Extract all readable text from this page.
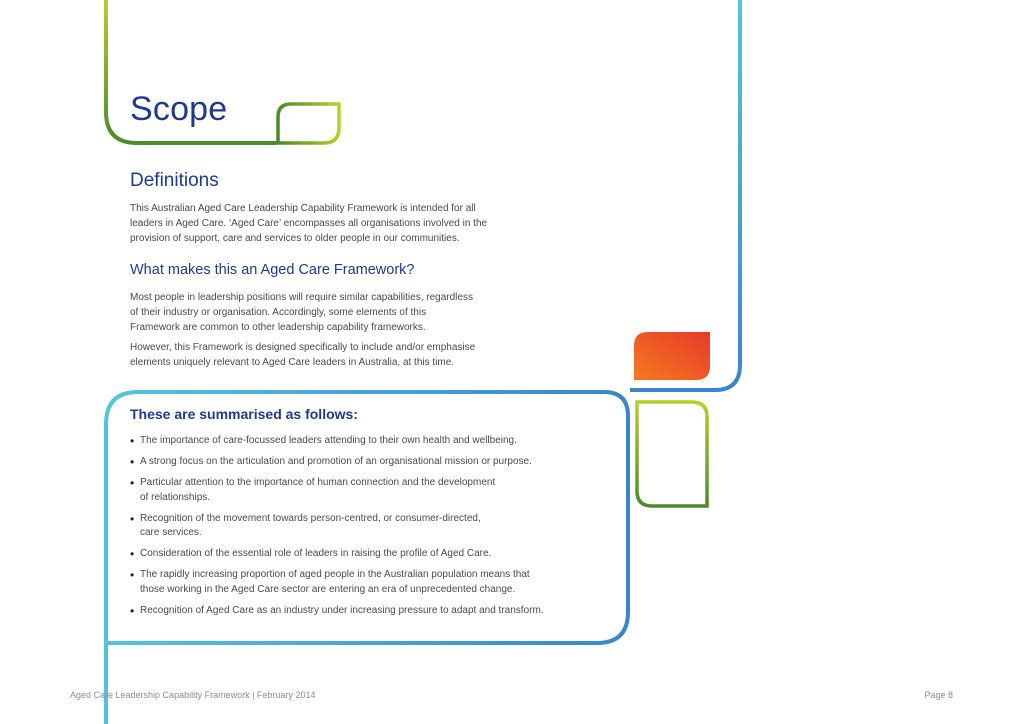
Scope
Definitions

This Australian Aged Care Leadership Capability Framework is intended for all

leaders in Aged Care. ‘Aged Care’ encompasses all organisations involved in the

provision of support, care and services to older people in our communities.

What makes this an Aged Care Framework?

Most people in leadership positions will require similar capabilities, regardless

of their industry or organisation. Accordingly, some elements of this

Framework are common to other leadership capability frameworks.

However, this Framework is designed specifically to include and/or emphasise

elements uniquely relevant to Aged Care leaders in Australia, at this time.

These are summarised as follows:
• The importance of care-focussed leaders attending to their own health and wellbeing.
• A strong focus on the articulation and promotion of an organisational mission or purpose.
• Particular attention to the importance of human connection and the development
of relationships.
• Recognition of the movement towards person-centred, or consumer-directed,
care services.
• Consideration of the essential role of leaders in raising the profile of Aged Care.
• The rapidly increasing proportion of aged people in the Australian population means that
those working in the Aged Care sector are entering an era of unprecedented change.
• Recognition of Aged Care as an industry under increasing pressure to adapt and transform.
Aged Care Leadership Capability Framework | February 2014	Page 8
